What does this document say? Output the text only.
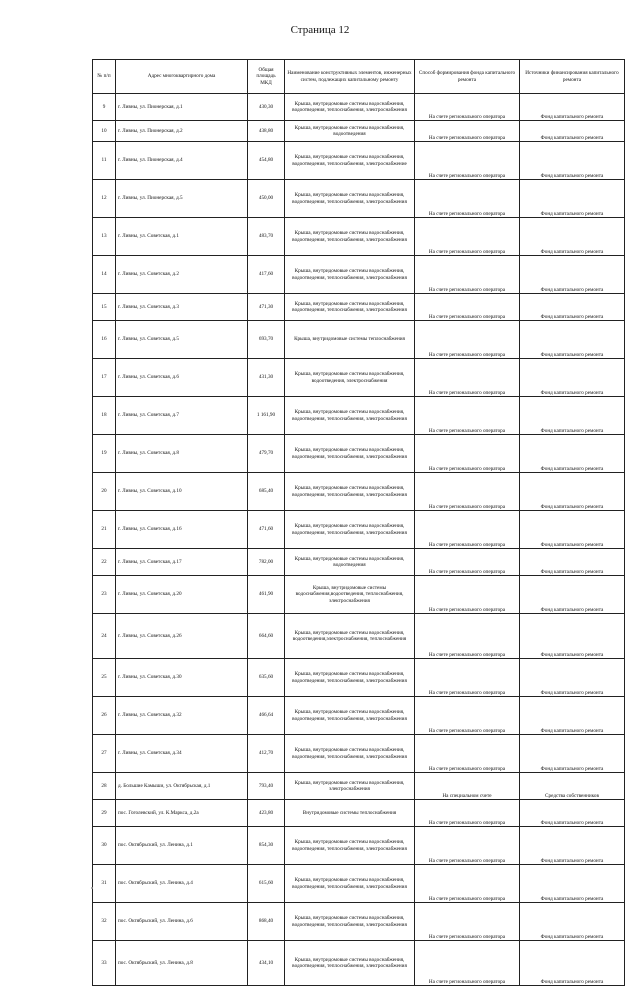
Страница 12
№ п/п	Адрес многоквартирного дома	Общая площадь МКД	Наименование конструктивных элементов, инженерных систем, подлежащих капитальному ремонту	Способ формирования фонда капитального ремонта	Источники финансирования капитального ремонта
9	г. Ливны, ул. Пионерская, д.1	430,30	Крыша, внутридомовые системы водоснабжения, водоотведения, теплоснабжения, электроснабжения	На счете регионального оператора	Фонд капитального ремонта
10	г. Ливны, ул. Пионерская, д.2	438,80	Крыша, внутридомовые системы водоснабжения, водоотведения	На счете регионального оператора	Фонд капитального ремонта
11	г. Ливны, ул. Пионерская, д.4	454,80	Крыша, внутридомовые системы водоснабжения, водоотведения, теплоснабжения, электроснабжение	На счете регионального оператора	Фонд капитального ремонта
12	г. Ливны, ул. Пионерская, д.5	450,00	Крыша, внутридомовые системы водоснабжения, водоотведения, теплоснабжения, электроснабжения	На счете регионального оператора	Фонд капитального ремонта
13	г. Ливны, ул. Советская, д.1	483,70	Крыша, внутридомовые системы водоснабжения, водоотведения, теплоснабжения, электроснабжения	На счете регионального оператора	Фонд капитального ремонта
14	г. Ливны, ул. Советская, д.2	417,60	Крыша, внутридомовые системы водоснабжения, водоотведения, теплоснабжения, электроснабжения	На счете регионального оператора	Фонд капитального ремонта
15	г. Ливны, ул. Советская, д.3	471,30	Крыша, внутридомовые системы водоснабжения, водоотведения, теплоснабжения, электроснабжения	На счете регионального оператора	Фонд капитального ремонта
16	г. Ливны, ул. Советская, д.5	693,70	Крыша, внутридомовые системы теплоснабжения	На счете регионального оператора	Фонд капитального ремонта
17	г. Ливны, ул. Советская, д.6	431,30	Крыша, внутридомовые системы водоснабжения, водоотведения, электроснабжения	На счете регионального оператора	Фонд капитального ремонта
18	г. Ливны, ул. Советская, д.7	1 161,90	Крыша, внутридомовые системы водоснабжения, водоотведения, теплоснабжения, электроснабжения	На счете регионального оператора	Фонд капитального ремонта
19	г. Ливны, ул. Советская, д.8	479,70	Крыша, внутридомовые системы водоснабжения, водоотведения, теплоснабжения, электроснабжения	На счете регионального оператора	Фонд капитального ремонта
20	г. Ливны, ул. Советская, д.10	685,40	Крыша, внутридомовые системы водоснабжения, водоотведения, теплоснабжения, электроснабжения	На счете регионального оператора	Фонд капитального ремонта
21	г. Ливны, ул. Советская, д.16	471,60	Крыша, внутридомовые системы водоснабжения, водоотведения, теплоснабжения, электроснабжения	На счете регионального оператора	Фонд капитального ремонта
22	г. Ливны, ул. Советская, д.17	782,00	Крыша, внутридомовые системы водоснабжения, водоотведения	На счете регионального оператора	Фонд капитального ремонта
23	г. Ливны, ул. Советская, д.20	461,90	Крыша, внутридомовые системы водоснабжения,водоотведения, теплоснабжения, электроснабжения	На счете регионального оператора	Фонд капитального ремонта
24	г. Ливны, ул. Советская, д.26	664,60	Крыша, внутридомовые системы водоснабжения, водоотведения,электроснабжения, теплоснабжения	На счете регионального оператора	Фонд капитального ремонта
25	г. Ливны, ул. Советская, д.30	635,60	Крыша, внутридомовые системы водоснабжения, водоотведения, теплоснабжения, электроснабжения	На счете регионального оператора	Фонд капитального ремонта
26	г. Ливны, ул. Советская, д.32	466,64	Крыша, внутридомовые системы водоснабжения, водоотведения, теплоснабжения, электроснабжения	На счете регионального оператора	Фонд капитального ремонта
27	г. Ливны, ул. Советская, д.34	412,70	Крыша, внутридомовые системы водоснабжения, водоотведения, теплоснабжения, электроснабжения	На счете регионального оператора	Фонд капитального ремонта
28	д. Большие Камыши, ул. Октябрьская, д.1	793,40	Крыша, внутридомовые системы водоснабжения, электроснабжения	На специальном счете	Средства собственников
29	пос. Гоголевский, ул. К.Маркса, д.2а	423,80	Внутридомовые системы теплоснабжения	На счете регионального оператора	Фонд капитального ремонта
30	пос. Октябрьский, ул. Ленина, д.1	854,30	Крыша, внутридомовые системы водоснабжения, водоотведения, теплоснабжения, электроснабжения	На счете регионального оператора	Фонд капитального ремонта
31	пос. Октябрьский, ул. Ленина, д.4	615,60	Крыша, внутридомовые системы водоснабжения, водоотведения, теплоснабжения, электроснабжения	На счете регионального оператора	Фонд капитального ремонта
32	пос. Октябрьский, ул. Ленина, д.6	868,40	Крыша, внутридомовые системы водоснабжения, водоотведения, теплоснабжения, электроснабжения	На счете регионального оператора	Фонд капитального ремонта
33	пос. Октябрьский, ул. Ленина, д.8	434,10	Крыша, внутридомовые системы водоснабжения, водоотведения, теплоснабжения, электроснабжения	На счете регионального оператора	Фонд капитального ремонта
